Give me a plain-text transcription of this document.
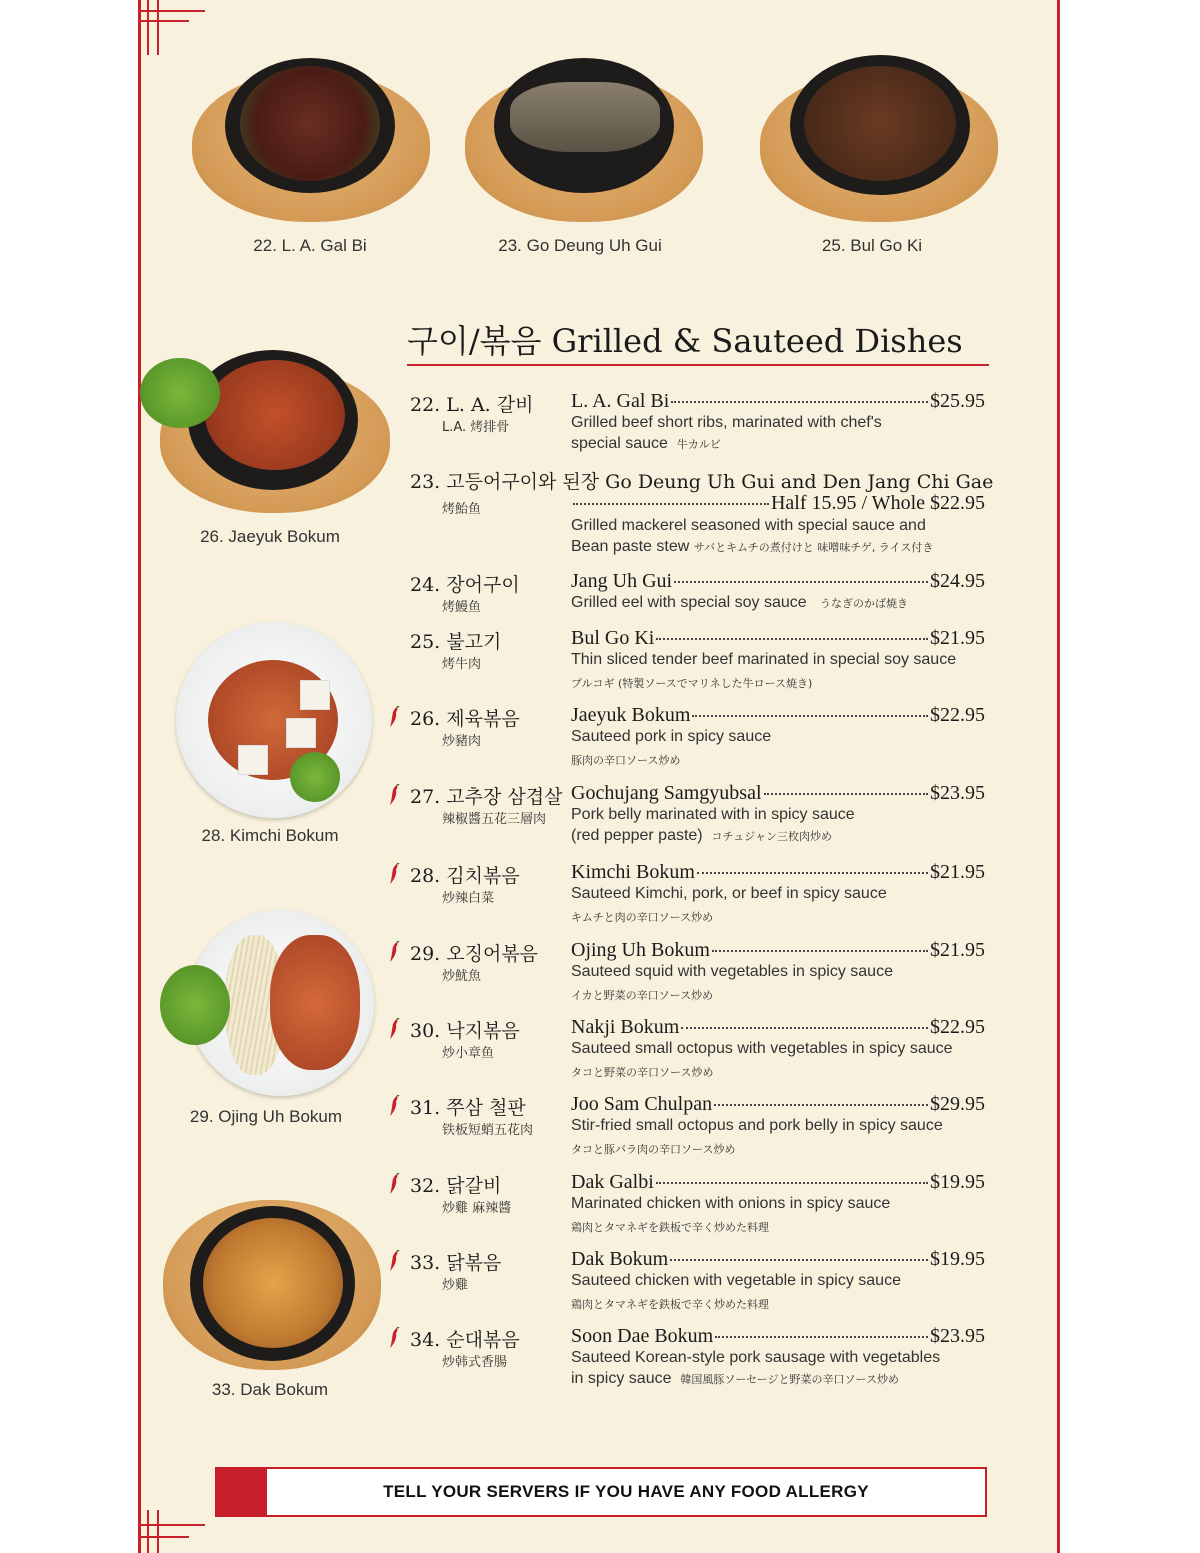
22. L. A. Gal Bi	23. Go Deung Uh Gui	25. Bul Go Ki
구이/볶음 Grilled & Sauteed Dishes
26. Jaeyuk Bokum
28. Kimchi Bokum
29. Ojing Uh Bokum
33. Dak Bokum
22. L. A. 갈비
L.A. 烤排骨
L. A. Gal Bi	$25.95
Grilled beef short ribs, marinated with chef's
special sauce 牛カルビ
23. 고등어구이와 된장 Go Deung Uh Gui and Den Jang Chi Gae
烤鮐鱼	Half 15.95 / Whole $22.95
Grilled mackerel seasoned with special sauce and
Bean paste stew サバとキムチの煮付けと 味噌味チゲ, ライス付き
24. 장어구이
烤鰻鱼
Jang Uh Gui	$24.95
Grilled eel with special soy sauce うなぎのかば焼き
25. 불고기
烤牛肉
Bul Go Ki	$21.95
Thin sliced tender beef marinated in special soy sauce
プルコギ (特製ソースでマリネした牛ロース焼き)
26. 제육볶음
炒豬肉
Jaeyuk Bokum	$22.95
Sauteed pork in spicy sauce
豚肉の辛口ソース炒め
27. 고추장 삼겹살
辣椒醬五花三層肉
Gochujang Samgyubsal	$23.95
Pork belly marinated with in spicy sauce
(red pepper paste) コチュジャン三枚肉炒め
28. 김치볶음
炒辣白菜
Kimchi Bokum	$21.95
Sauteed Kimchi, pork, or beef in spicy sauce
キムチと肉の辛口ソース炒め
29. 오징어볶음
炒魷魚
Ojing Uh Bokum	$21.95
Sauteed squid with vegetables in spicy sauce
イカと野菜の辛口ソース炒め
30. 낙지볶음
炒小章鱼
Nakji Bokum	$22.95
Sauteed small octopus with vegetables in spicy sauce
タコと野菜の辛口ソース炒め
31. 쭈삼 철판
铁板短蛸五花肉
Joo Sam Chulpan	$29.95
Stir-fried small octopus and pork belly in spicy sauce
タコと豚バラ肉の辛口ソース炒め
32. 닭갈비
炒雞 麻辣醬
Dak Galbi	$19.95
Marinated chicken with onions in spicy sauce
鶏肉とタマネギを鉄板で辛く炒めた料理
33. 닭볶음
炒雞
Dak Bokum	$19.95
Sauteed chicken with vegetable in spicy sauce
鶏肉とタマネギを鉄板で辛く炒めた料理
34. 순대볶음
炒韩式香腸
Soon Dae Bokum	$23.95
Sauteed Korean-style pork sausage with vegetables
in spicy sauce 韓国風豚ソーセージと野菜の辛口ソース炒め
TELL YOUR SERVERS IF YOU HAVE ANY FOOD ALLERGY
